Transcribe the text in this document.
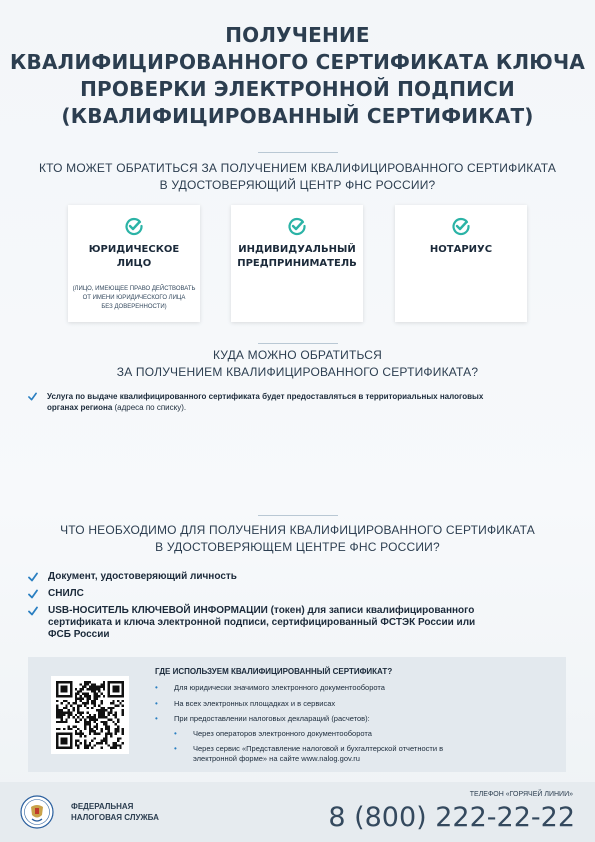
ПОЛУЧЕНИЕ
КВАЛИФИЦИРОВАННОГО СЕРТИФИКАТА КЛЮЧА
ПРОВЕРКИ ЭЛЕКТРОННОЙ ПОДПИСИ
(КВАЛИФИЦИРОВАННЫЙ СЕРТИФИКАТ)
КТО МОЖЕТ ОБРАТИТЬСЯ ЗА ПОЛУЧЕНИЕМ КВАЛИФИЦИРОВАННОГО СЕРТИФИКАТА
В УДОСТОВЕРЯЮЩИЙ ЦЕНТР ФНС РОССИИ?
ЮРИДИЧЕСКОЕ
ЛИЦО
(ЛИЦО, ИМЕЮЩЕЕ ПРАВО ДЕЙСТВОВАТЬ
ОТ ИМЕНИ ЮРИДИЧЕСКОГО ЛИЦА
БЕЗ ДОВЕРЕННОСТИ)
ИНДИВИДУАЛЬНЫЙ
ПРЕДПРИНИМАТЕЛЬ
НОТАРИУС
КУДА МОЖНО ОБРАТИТЬСЯ
ЗА ПОЛУЧЕНИЕМ КВАЛИФИЦИРОВАННОГО СЕРТИФИКАТА?
Услуга по выдаче квалифицированного сертификата будет предоставляться в территориальных налоговых
органах региона (адреса по списку).
ЧТО НЕОБХОДИМО ДЛЯ ПОЛУЧЕНИЯ КВАЛИФИЦИРОВАННОГО СЕРТИФИКАТА
В УДОСТОВЕРЯЮЩЕМ ЦЕНТРЕ ФНС РОССИИ?
Документ, удостоверяющий личность
СНИЛС
USB-НОСИТЕЛЬ КЛЮЧЕВОЙ ИНФОРМАЦИИ (токен) для записи квалифицированного
сертификата и ключа электронной подписи, сертифицированный ФСТЭК России или
ФСБ России
ГДЕ ИСПОЛЬЗУЕМ КВАЛИФИЦИРОВАННЫЙ СЕРТИФИКАТ?
• Для юридически значимого электронного документооборота
• На всех электронных площадках и в сервисах
• При предоставлении налоговых деклараций (расчетов):
• Через операторов электронного документооборота
• Через сервис «Представление налоговой и бухгалтерской отчетности в
электронной форме» на сайте www.nalog.gov.ru
ФЕДЕРАЛЬНАЯ
НАЛОГОВАЯ СЛУЖБА
ТЕЛЕФОН «ГОРЯЧЕЙ ЛИНИИ»
8 (800) 222-22-22
